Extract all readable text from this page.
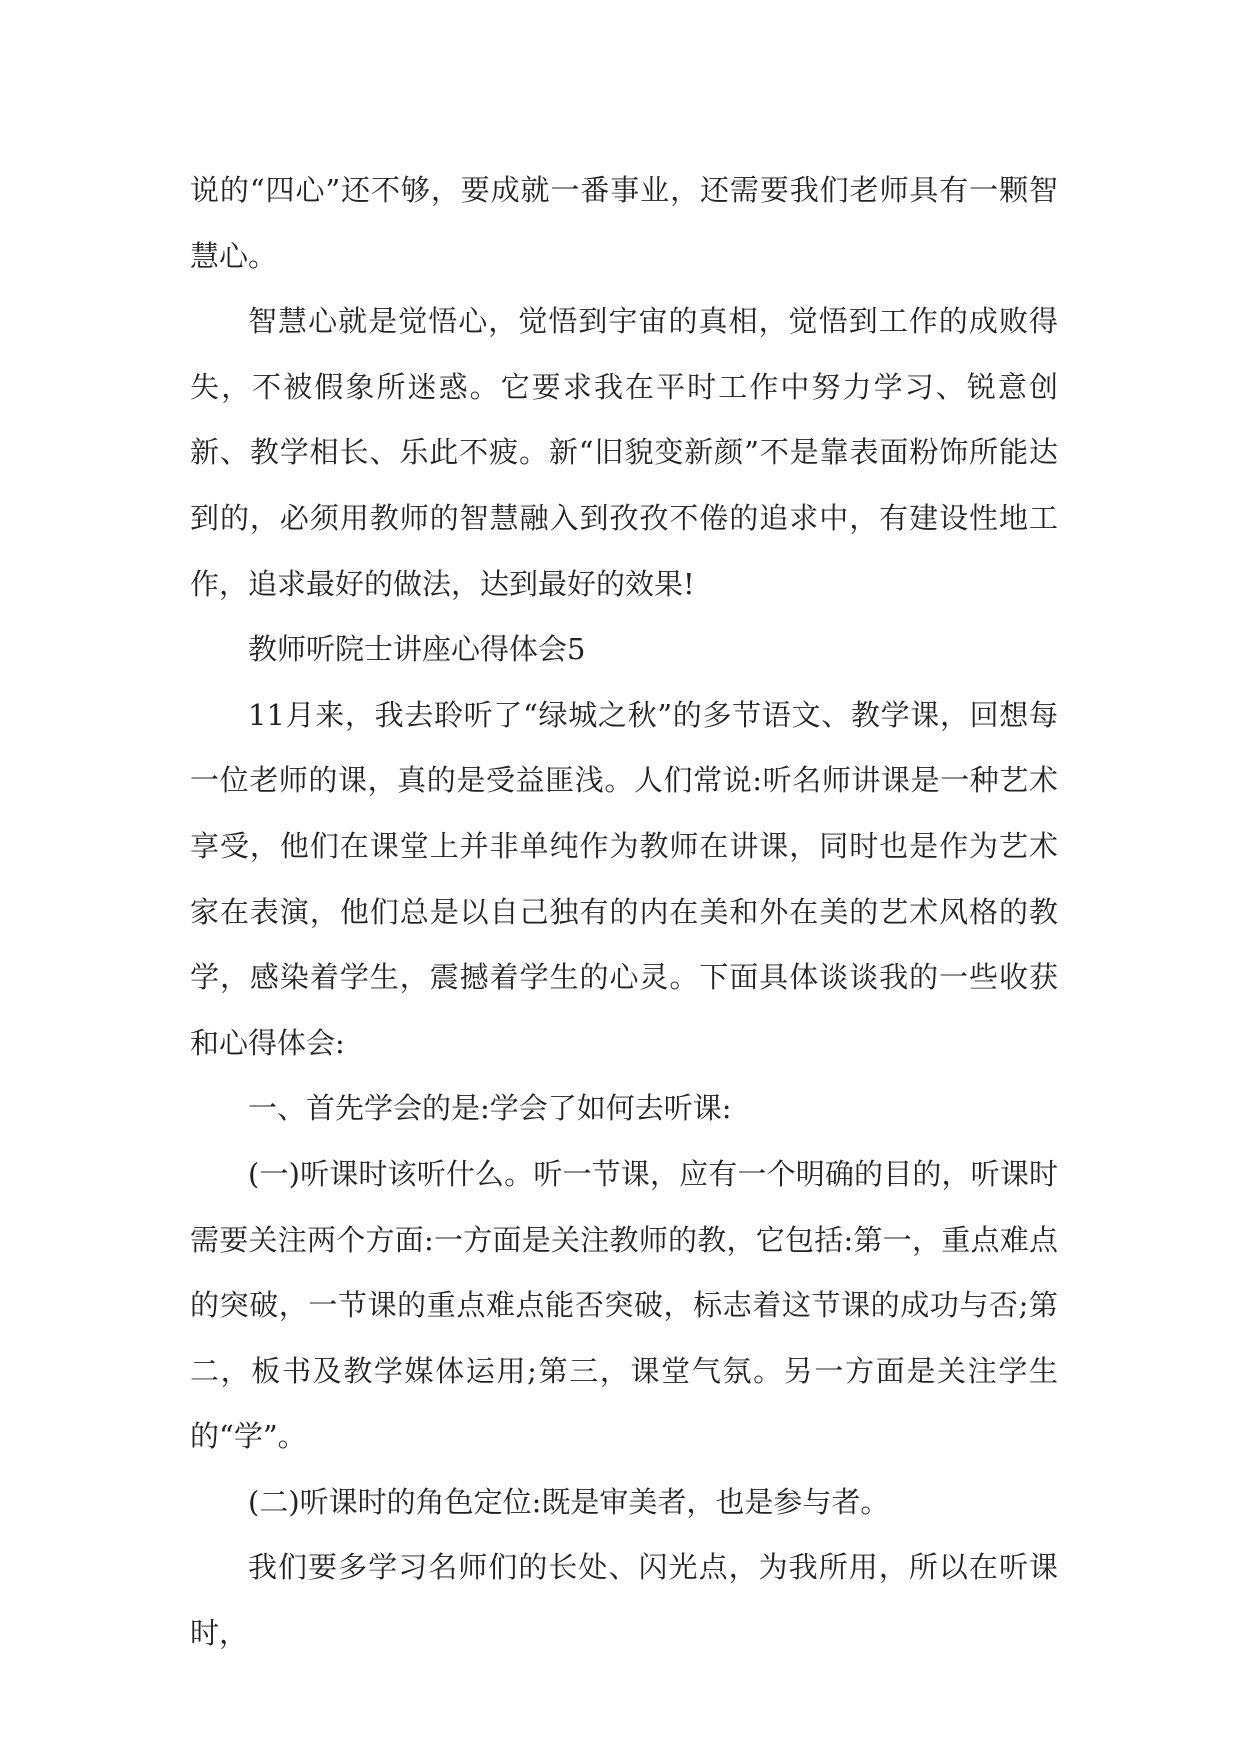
说的“四心”还不够，要成就一番事业，还需要我们老师具有一颗智慧心。

智慧心就是觉悟心，觉悟到宇宙的真相，觉悟到工作的成败得失，不被假象所迷惑。它要求我在平时工作中努力学习、锐意创新、教学相长、乐此不疲。新“旧貌变新颜”不是靠表面粉饰所能达到的，必须用教师的智慧融入到孜孜不倦的追求中，有建设性地工作，追求最好的做法，达到最好的效果!

教师听院士讲座心得体会5

11月来，我去聆听了“绿城之秋”的多节语文、教学课，回想每一位老师的课，真的是受益匪浅。人们常说:听名师讲课是一种艺术享受，他们在课堂上并非单纯作为教师在讲课，同时也是作为艺术家在表演，他们总是以自己独有的内在美和外在美的艺术风格的教学，感染着学生，震撼着学生的心灵。下面具体谈谈我的一些收获和心得体会:

一、首先学会的是:学会了如何去听课:

(一)听课时该听什么。听一节课，应有一个明确的目的，听课时需要关注两个方面:一方面是关注教师的教，它包括:第一，重点难点的突破，一节课的重点难点能否突破，标志着这节课的成功与否;第二，板书及教学媒体运用;第三，课堂气氛。另一方面是关注学生的“学”。

(二)听课时的角色定位:既是审美者，也是参与者。

我们要多学习名师们的长处、闪光点，为我所用，所以在听课时，
